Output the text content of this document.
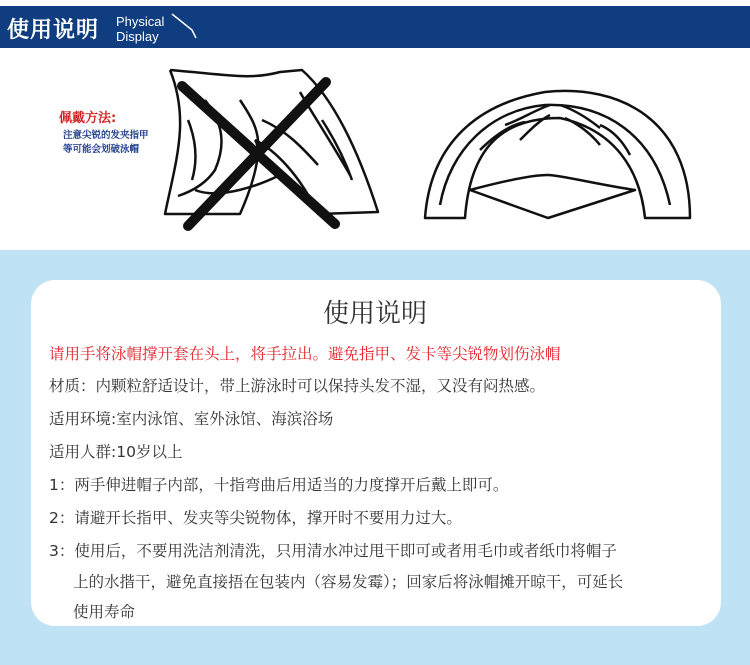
使用说明 Physical
Display
佩戴方法:
注意尖锐的发夹指甲
等可能会划破泳帽
使用说明
请用手将泳帽撑开套在头上，将手拉出。避免指甲、发卡等尖锐物划伤泳帽
材质：内颗粒舒适设计，带上游泳时可以保持头发不湿，又没有闷热感。
适用环境:室内泳馆、室外泳馆、海滨浴场
适用人群:10岁以上
1：两手伸进帽子内部，十指弯曲后用适当的力度撑开后戴上即可。
2：请避开长指甲、发夹等尖锐物体，撑开时不要用力过大。
3：使用后，不要用洗洁剂清洗，只用清水冲过甩干即可或者用毛巾或者纸巾将帽子
上的水揩干，避免直接捂在包装内（容易发霉）；回家后将泳帽摊开晾干，可延长
使用寿命
